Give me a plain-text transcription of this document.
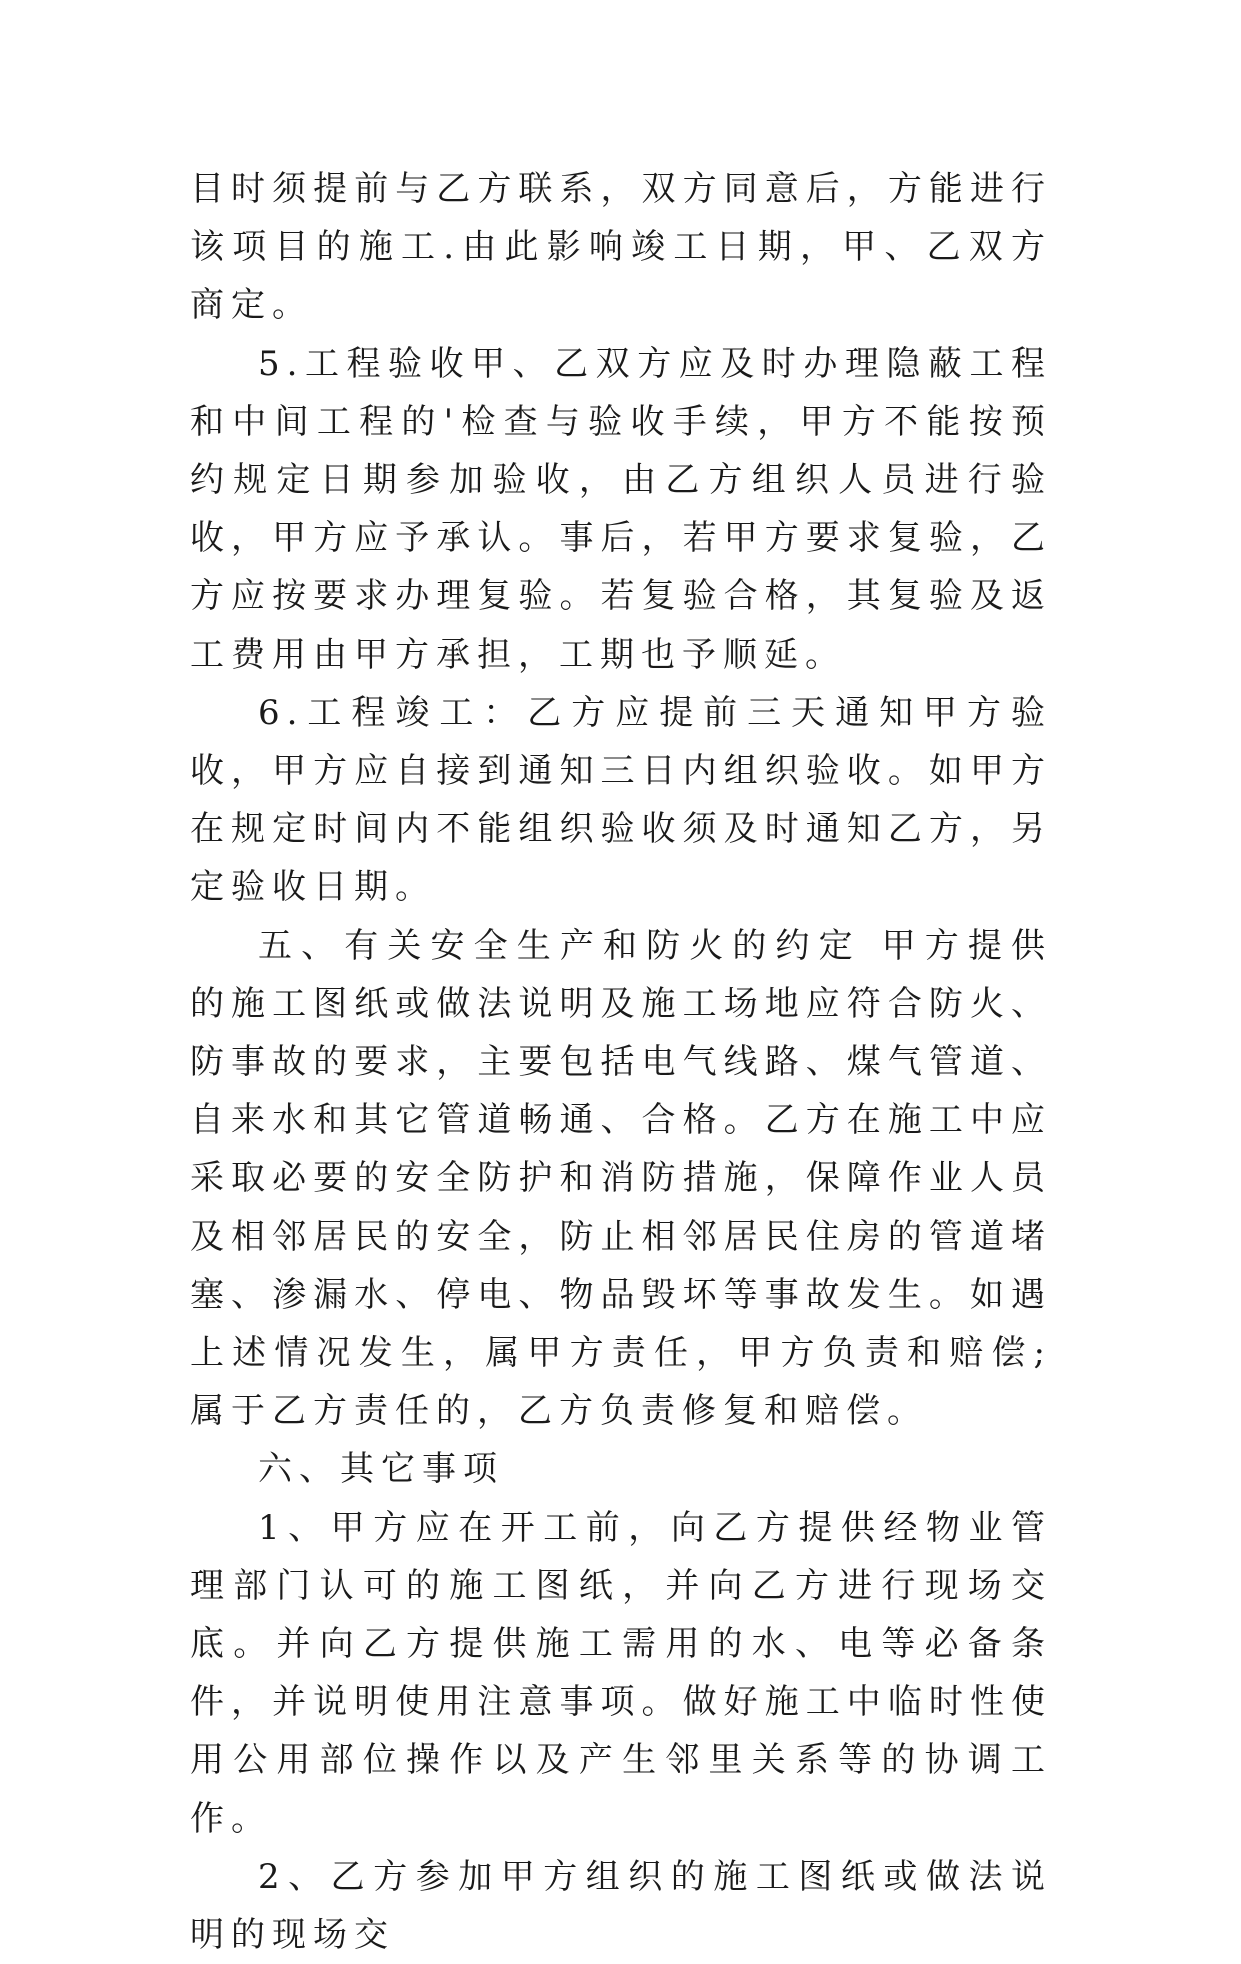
目时须提前与乙方联系，双方同意后，方能进行该项目的施工.由此影响竣工日期，甲、乙双方商定。

5.工程验收甲、乙双方应及时办理隐蔽工程和中间工程的'检查与验收手续，甲方不能按预约规定日期参加验收，由乙方组织人员进行验收，甲方应予承认。事后，若甲方要求复验，乙方应按要求办理复验。若复验合格，其复验及返工费用由甲方承担，工期也予顺延。

6.工程竣工：乙方应提前三天通知甲方验收，甲方应自接到通知三日内组织验收。如甲方在规定时间内不能组织验收须及时通知乙方，另定验收日期。

五、有关安全生产和防火的约定 甲方提供的施工图纸或做法说明及施工场地应符合防火、防事故的要求，主要包括电气线路、煤气管道、自来水和其它管道畅通、合格。乙方在施工中应采取必要的安全防护和消防措施，保障作业人员及相邻居民的安全，防止相邻居民住房的管道堵塞、渗漏水、停电、物品毁坏等事故发生。如遇上述情况发生，属甲方责任，甲方负责和赔偿;属于乙方责任的，乙方负责修复和赔偿。

六、其它事项

1、甲方应在开工前，向乙方提供经物业管理部门认可的施工图纸，并向乙方进行现场交底。并向乙方提供施工需用的水、电等必备条件，并说明使用注意事项。做好施工中临时性使用公用部位操作以及产生邻里关系等的协调工作。

2、乙方参加甲方组织的施工图纸或做法说明的现场交
